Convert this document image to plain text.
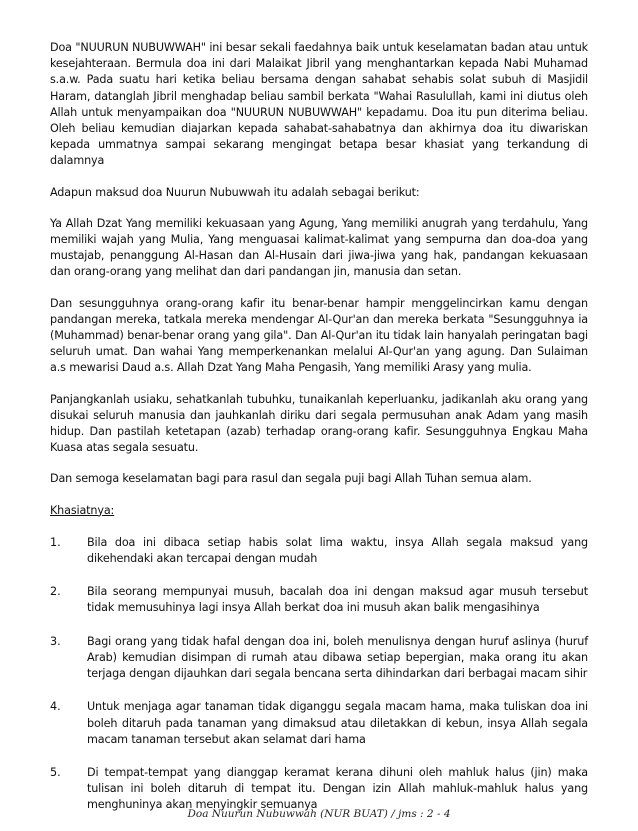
Doa "NUURUN NUBUWWAH" ini besar sekali faedahnya baik untuk keselamatan badan atau untuk kesejahteraan. Bermula doa ini dari Malaikat Jibril yang menghantarkan kepada Nabi Muhamad s.a.w. Pada suatu hari ketika beliau bersama dengan sahabat sehabis solat subuh di Masjidil Haram, datanglah Jibril menghadap beliau sambil berkata "Wahai Rasulullah, kami ini diutus oleh Allah untuk menyampaikan doa "NUURUN NUBUWWAH" kepadamu. Doa itu pun diterima beliau. Oleh beliau kemudian diajarkan kepada sahabat-sahabatnya dan akhirnya doa itu diwariskan kepada ummatnya sampai sekarang mengingat betapa besar khasiat yang terkandung di dalamnya

Adapun maksud doa Nuurun Nubuwwah itu adalah sebagai berikut:

Ya Allah Dzat Yang memiliki kekuasaan yang Agung, Yang memiliki anugrah yang terdahulu, Yang memiliki wajah yang Mulia, Yang menguasai kalimat-kalimat yang sempurna dan doa-doa yang mustajab, penanggung Al-Hasan dan Al-Husain dari jiwa-jiwa yang hak, pandangan kekuasaan dan orang-orang yang melihat dan dari pandangan jin, manusia dan setan.

Dan sesungguhnya orang-orang kafir itu benar-benar hampir menggelincirkan kamu dengan pandangan mereka, tatkala mereka mendengar Al-Qur'an dan mereka berkata "Sesungguhnya ia (Muhammad) benar-benar orang yang gila". Dan Al-Qur'an itu tidak lain hanyalah peringatan bagi seluruh umat. Dan wahai Yang memperkenankan melalui Al-Qur'an yang agung. Dan Sulaiman a.s mewarisi Daud a.s. Allah Dzat Yang Maha Pengasih, Yang memiliki Arasy yang mulia.

Panjangkanlah usiaku, sehatkanlah tubuhku, tunaikanlah keperluanku, jadikanlah aku orang yang disukai seluruh manusia dan jauhkanlah diriku dari segala permusuhan anak Adam yang masih hidup. Dan pastilah ketetapan (azab) terhadap orang-orang kafir. Sesungguhnya Engkau Maha Kuasa atas segala sesuatu.

Dan semoga keselamatan bagi para rasul dan segala puji bagi Allah Tuhan semua alam.

Khasiatnya:

1.	Bila doa ini dibaca setiap habis solat lima waktu, insya Allah segala maksud yang dikehendaki akan tercapai dengan mudah

2.	Bila seorang mempunyai musuh, bacalah doa ini dengan maksud agar musuh tersebut tidak memusuhinya lagi insya Allah berkat doa ini musuh akan balik mengasihinya

3.	Bagi orang yang tidak hafal dengan doa ini, boleh menulisnya dengan huruf aslinya (huruf Arab) kemudian disimpan di rumah atau dibawa setiap bepergian, maka orang itu akan terjaga dengan dijauhkan dari segala bencana serta dihindarkan dari berbagai macam sihir

4.	Untuk menjaga agar tanaman tidak diganggu segala macam hama, maka tuliskan doa ini boleh ditaruh pada tanaman yang dimaksud atau diletakkan di kebun, insya Allah segala macam tanaman tersebut akan selamat dari hama

5.	Di tempat-tempat yang dianggap keramat kerana dihuni oleh mahluk halus (jin) maka tulisan ini boleh ditaruh di tempat itu. Dengan izin Allah mahluk-mahluk halus yang menghuninya akan menyingkir semuanya

Doa Nuurun Nubuwwah (NUR BUAT) / jms : 2 - 4
